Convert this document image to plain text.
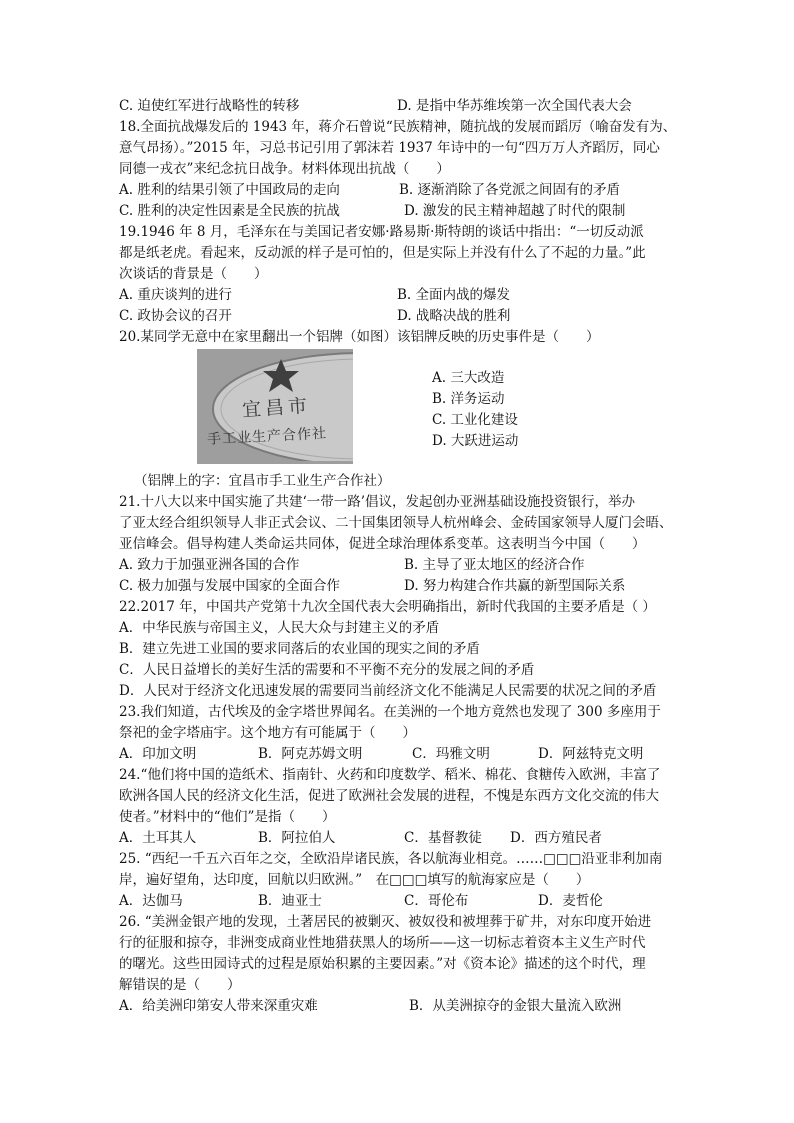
C. 迫使红军进行战略性的转移	D. 是指中华苏维埃第一次全国代表大会
18.全面抗战爆发后的 1943 年，蒋介石曾说“民族精神，随抗战的发展而蹈厉（喻奋发有为、
意气昂扬）。”2015 年，习总书记引用了郭沫若 1937 年诗中的一句“四万万人齐蹈厉，同心
同德一戎衣”来纪念抗日战争。材料体现出抗战（　　）
A. 胜利的结果引领了中国政局的走向	B. 逐渐消除了各党派之间固有的矛盾
C. 胜利的决定性因素是全民族的抗战	D. 激发的民主精神超越了时代的限制
19.1946 年 8 月，毛泽东在与美国记者安娜·路易斯·斯特朗的谈话中指出：“一切反动派
都是纸老虎。看起来，反动派的样子是可怕的，但是实际上并没有什么了不起的力量。”此
次谈话的背景是（　　）
A. 重庆谈判的进行	B. 全面内战的爆发
C. 政协会议的召开	D. 战略决战的胜利
20.某同学无意中在家里翻出一个铝牌（如图）该铝牌反映的历史事件是（　　）
宜昌市
手工业生产合作社
A. 三大改造
B. 洋务运动
C. 工业化建设
D. 大跃进运动
（铝牌上的字：宜昌市手工业生产合作社）
21.十八大以来中国实施了共建‘一带一路’倡议，发起创办亚洲基础设施投资银行，举办
了亚太经合组织领导人非正式会议、二十国集团领导人杭州峰会、金砖国家领导人厦门会晤、
亚信峰会。倡导构建人类命运共同体，促进全球治理体系变革。这表明当今中国（　　）
A. 致力于加强亚洲各国的合作	B. 主导了亚太地区的经济合作
C. 极力加强与发展中国家的全面合作	D. 努力构建合作共赢的新型国际关系
22.2017 年，中国共产党第十九次全国代表大会明确指出，新时代我国的主要矛盾是（ ）
A．中华民族与帝国主义，人民大众与封建主义的矛盾
B．建立先进工业国的要求同落后的农业国的现实之间的矛盾
C．人民日益增长的美好生活的需要和不平衡不充分的发展之间的矛盾
D．人民对于经济文化迅速发展的需要同当前经济文化不能满足人民需要的状况之间的矛盾
23.我们知道，古代埃及的金字塔世界闻名。在美洲的一个地方竟然也发现了 300 多座用于
祭祀的金字塔庙宇。这个地方有可能属于（　　）
A．印加文明	B．阿克苏姆文明	C．玛雅文明	D．阿兹特克文明
24.“他们将中国的造纸术、指南针、火药和印度数学、稻米、棉花、食糖传入欧洲，丰富了
欧洲各国人民的经济文化生活，促进了欧洲社会发展的进程，不愧是东西方文化交流的伟大
使者。”材料中的“他们”是指（　　）
A．土耳其人	B．阿拉伯人	C．基督教徒 D．西方殖民者
25. “西纪一千五六百年之交，全欧沿岸诸民族，各以航海业相竞。……□□□沿亚非利加南
岸，遍好望角，达印度，回航以归欧洲。”　在□□□填写的航海家应是（　　）
A．达伽马	B．迪亚士	C．哥伦布	D．麦哲伦
26. “美洲金银产地的发现，土著居民的被剿灭、被奴役和被埋葬于矿井，对东印度开始进
行的征服和掠夺，非洲变成商业性地猎获黑人的场所——这一切标志着资本主义生产时代
的曙光。这些田园诗式的过程是原始积累的主要因素。”对《资本论》描述的这个时代，理
解错误的是（　　）
A．给美洲印第安人带来深重灾难	B．从美洲掠夺的金银大量流入欧洲
